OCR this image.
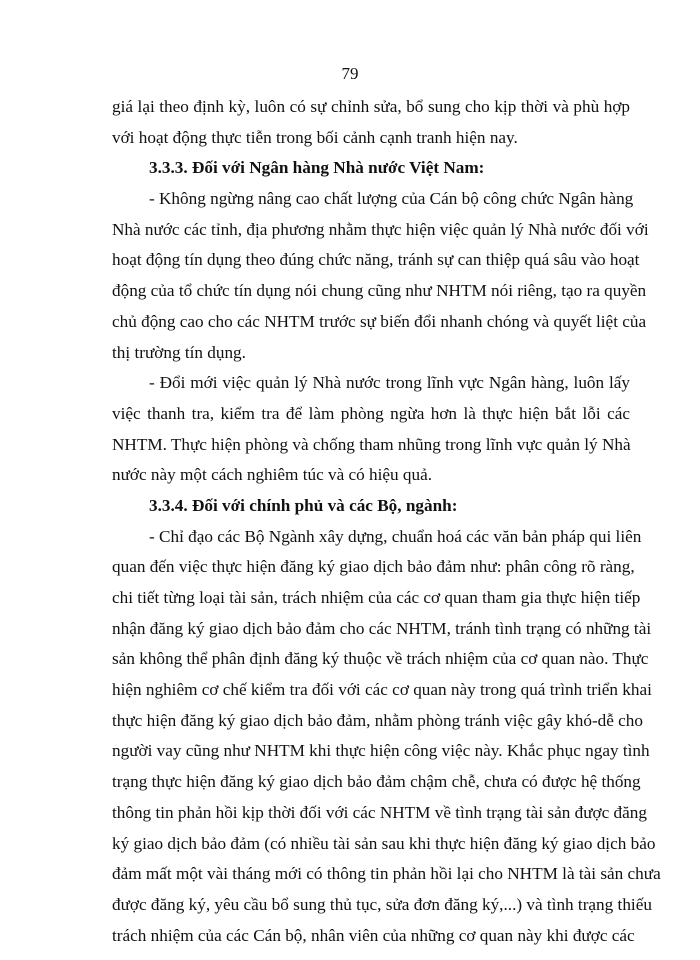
79
giá lại theo định kỳ, luôn có sự chỉnh sửa, bổ sung cho kịp thời và phù hợp
với hoạt động thực tiễn trong bối cảnh cạnh tranh hiện nay.
3.3.3. Đối với Ngân hàng Nhà nước Việt Nam:
- Không ngừng nâng cao chất lượng của Cán bộ công chức Ngân hàng
Nhà nước các tỉnh, địa phương nhằm thực hiện việc quản lý Nhà nước đối với
hoạt động tín dụng theo đúng chức năng, tránh sự can thiệp quá sâu vào hoạt
động của tổ chức tín dụng nói chung cũng như NHTM nói riêng, tạo ra quyền
chủ động cao cho các NHTM trước sự biến đổi nhanh chóng và quyết liệt của
thị trường tín dụng.
- Đổi mới việc quản lý Nhà nước trong lĩnh vực Ngân hàng, luôn lấy
việc thanh tra, kiểm tra để làm phòng ngừa hơn là thực hiện bắt lỗi các
NHTM. Thực hiện phòng và chống tham nhũng trong lĩnh vực quản lý Nhà
nước này một cách nghiêm túc và có hiệu quả.
3.3.4. Đối với chính phủ và các Bộ, ngành:
- Chỉ đạo các Bộ Ngành xây dựng, chuẩn hoá các văn bản pháp qui liên
quan đến việc thực hiện đăng ký giao dịch bảo đảm như: phân công rõ ràng,
chi tiết từng loại tài sản, trách nhiệm của các cơ quan tham gia thực hiện tiếp
nhận đăng ký giao dịch bảo đảm cho các NHTM, tránh tình trạng có những tài
sản không thể phân định đăng ký thuộc về trách nhiệm của cơ quan nào. Thực
hiện nghiêm cơ chế kiểm tra đối với các cơ quan này trong quá trình triển khai
thực hiện đăng ký giao dịch bảo đảm, nhằm phòng tránh việc gây khó-dễ cho
người vay cũng như NHTM khi thực hiện công việc này. Khắc phục ngay tình
trạng thực hiện đăng ký giao dịch bảo đảm chậm chễ, chưa có được hệ thống
thông tin phản hồi kịp thời đối với các NHTM về tình trạng tài sản được đăng
ký giao dịch bảo đảm (có nhiều tài sản sau khi thực hiện đăng ký giao dịch bảo
đảm mất một vài tháng mới có thông tin phản hồi lại cho NHTM là tài sản chưa
được đăng ký, yêu cầu bổ sung thủ tục, sửa đơn đăng ký,...) và tình trạng thiếu
trách nhiệm của các Cán bộ, nhân viên của những cơ quan này khi được các
